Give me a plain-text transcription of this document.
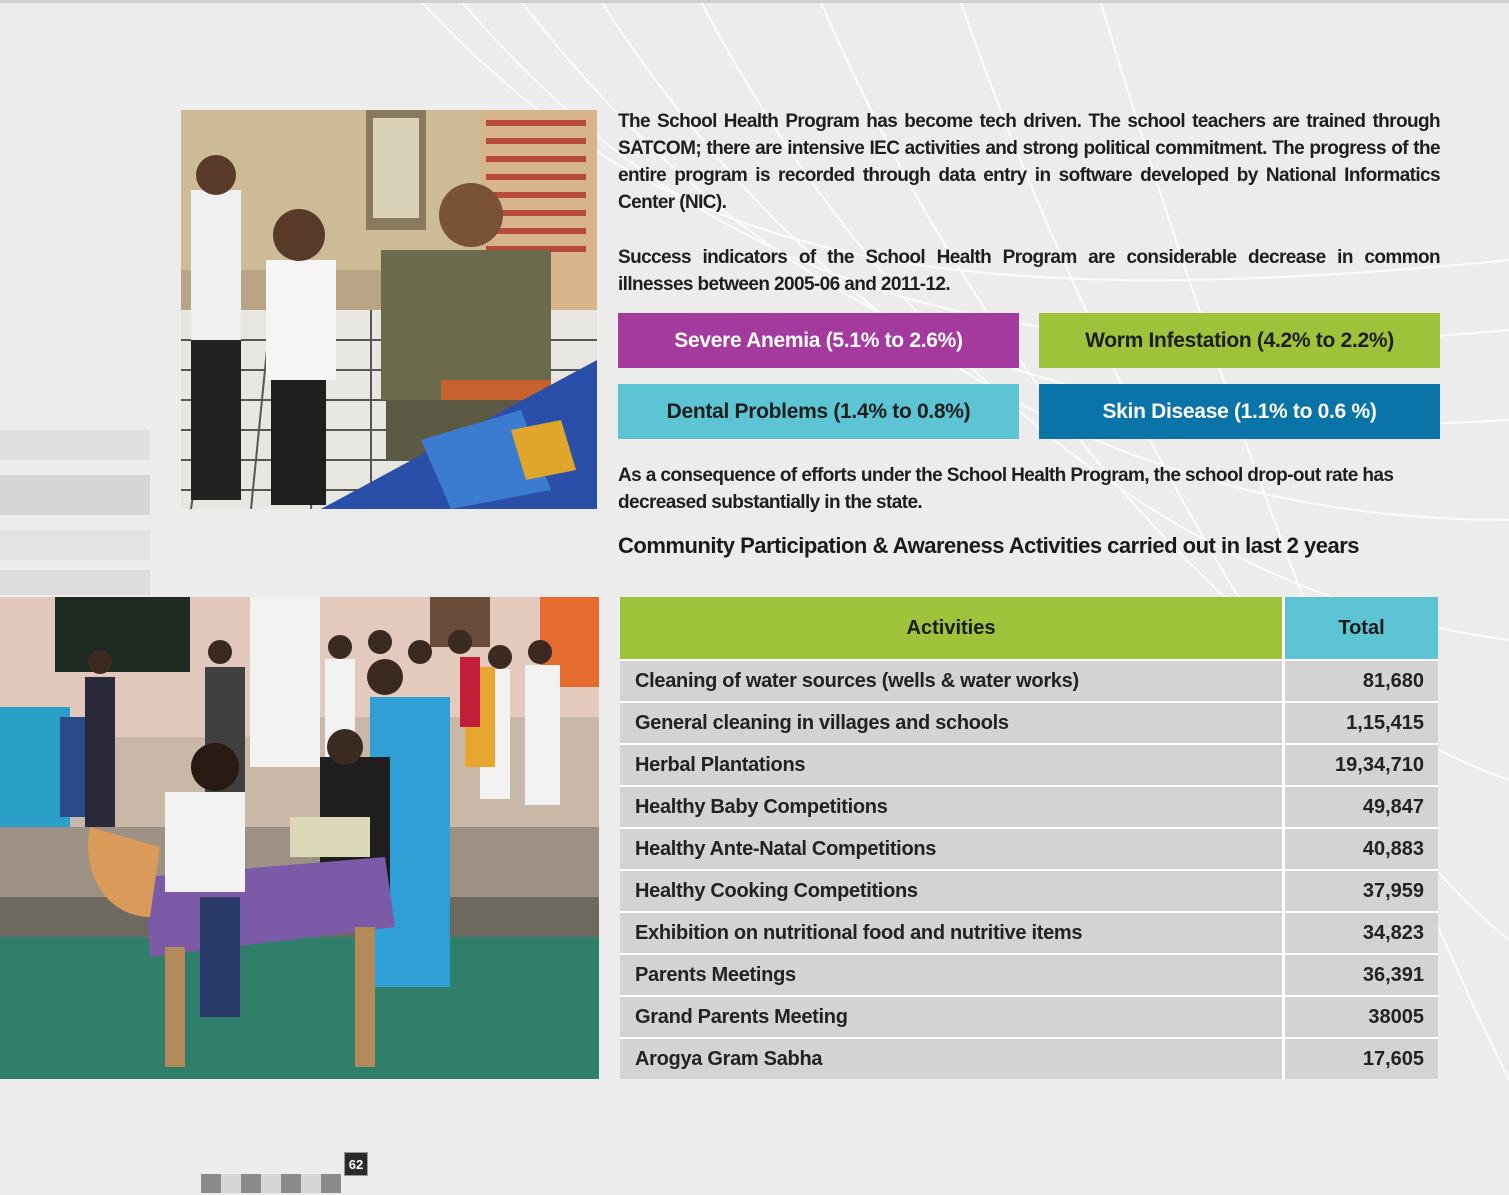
The School Health Program has become tech driven. The school teachers are trained through SATCOM; there are intensive IEC activities and strong political commitment. The progress of the entire program is recorded through data entry in software developed by National Informatics Center (NIC).

Success indicators of the School Health Program are considerable decrease in common illnesses between 2005-06 and 2011-12.

Severe Anemia (5.1% to 2.6%)	Worm Infestation (4.2% to 2.2%)
Dental Problems (1.4% to 0.8%)	Skin Disease (1.1% to 0.6 %)

As a consequence of efforts under the School Health Program, the school drop-out rate has decreased substantially in the state.

Community Participation & Awareness Activities carried out in last 2 years
Activities	Total
Cleaning of water sources (wells & water works)	81,680
General cleaning in villages and schools	1,15,415
Herbal Plantations	19,34,710
Healthy Baby Competitions	49,847
Healthy Ante-Natal Competitions	40,883
Healthy Cooking Competitions	37,959
Exhibition on nutritional food and nutritive items	34,823
Parents Meetings	36,391
Grand Parents Meeting	38005
Arogya Gram Sabha	17,605
62
